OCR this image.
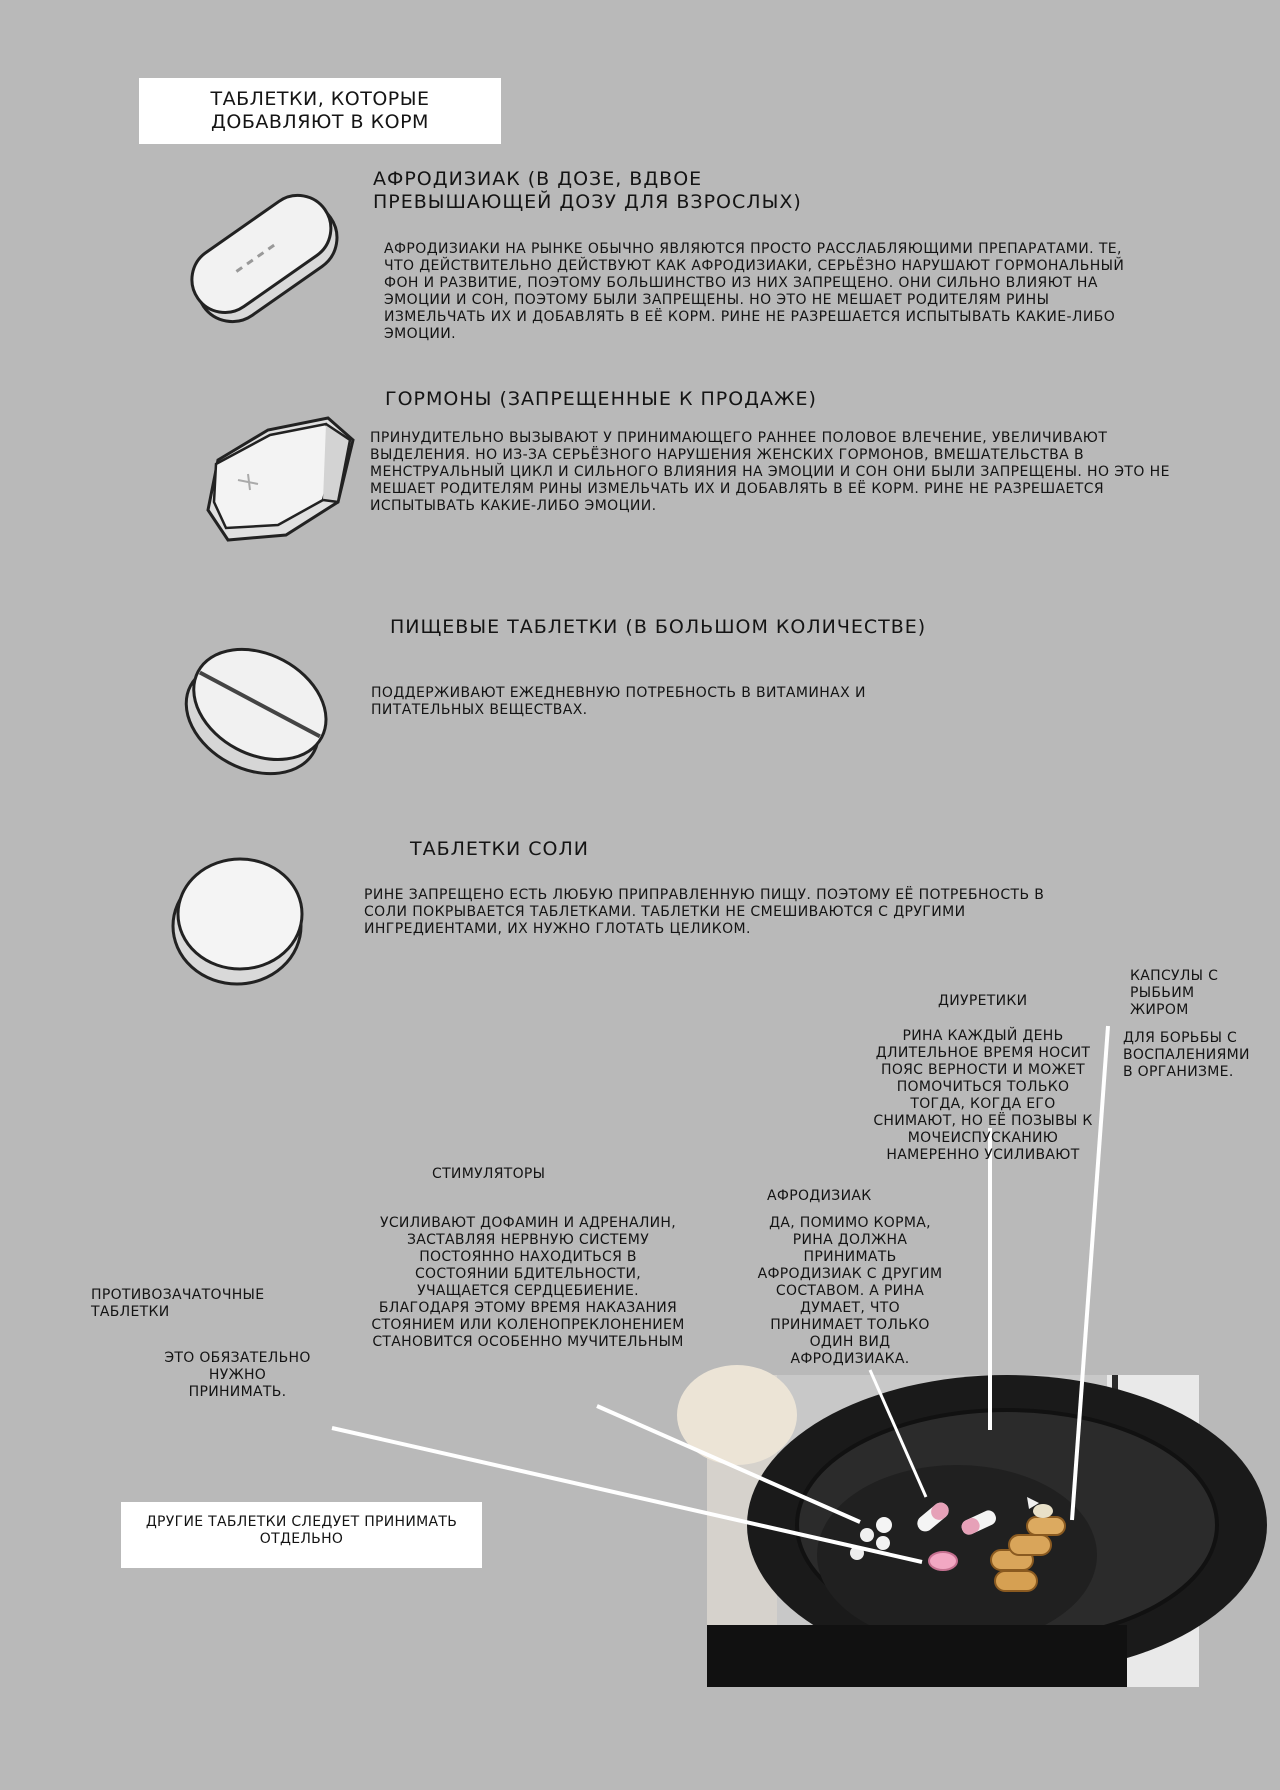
ТАБЛЕТКИ, КОТОРЫЕ
ДОБАВЛЯЮТ В КОРМ
АФРОДИЗИАК (В ДОЗЕ, ВДВОЕ
ПРЕВЫШАЮЩЕЙ ДОЗУ ДЛЯ ВЗРОСЛЫХ)
АФРОДИЗИАКИ НА РЫНКЕ ОБЫЧНО ЯВЛЯЮТСЯ ПРОСТО РАССЛАБЛЯЮЩИМИ ПРЕПАРАТАМИ. ТЕ,
ЧТО ДЕЙСТВИТЕЛЬНО ДЕЙСТВУЮТ КАК АФРОДИЗИАКИ, СЕРЬЁЗНО НАРУШАЮТ ГОРМОНАЛЬНЫЙ
ФОН И РАЗВИТИЕ, ПОЭТОМУ БОЛЬШИНСТВО ИЗ НИХ ЗАПРЕЩЕНО. ОНИ СИЛЬНО ВЛИЯЮТ НА
ЭМОЦИИ И СОН, ПОЭТОМУ БЫЛИ ЗАПРЕЩЕНЫ. НО ЭТО НЕ МЕШАЕТ РОДИТЕЛЯМ РИНЫ
ИЗМЕЛЬЧАТЬ ИХ И ДОБАВЛЯТЬ В ЕЁ КОРМ. РИНЕ НЕ РАЗРЕШАЕТСЯ ИСПЫТЫВАТЬ КАКИЕ-ЛИБО
ЭМОЦИИ.
ГОРМОНЫ (ЗАПРЕЩЕННЫЕ К ПРОДАЖЕ)
ПРИНУДИТЕЛЬНО ВЫЗЫВАЮТ У ПРИНИМАЮЩЕГО РАННЕЕ ПОЛОВОЕ ВЛЕЧЕНИЕ, УВЕЛИЧИВАЮТ
ВЫДЕЛЕНИЯ. НО ИЗ-ЗА СЕРЬЁЗНОГО НАРУШЕНИЯ ЖЕНСКИХ ГОРМОНОВ, ВМЕШАТЕЛЬСТВА В
МЕНСТРУАЛЬНЫЙ ЦИКЛ И СИЛЬНОГО ВЛИЯНИЯ НА ЭМОЦИИ И СОН ОНИ БЫЛИ ЗАПРЕЩЕНЫ. НО ЭТО НЕ
МЕШАЕТ РОДИТЕЛЯМ РИНЫ ИЗМЕЛЬЧАТЬ ИХ И ДОБАВЛЯТЬ В ЕЁ КОРМ. РИНЕ НЕ РАЗРЕШАЕТСЯ
ИСПЫТЫВАТЬ КАКИЕ-ЛИБО ЭМОЦИИ.
ПИЩЕВЫЕ ТАБЛЕТКИ (В БОЛЬШОМ КОЛИЧЕСТВЕ)
ПОДДЕРЖИВАЮТ ЕЖЕДНЕВНУЮ ПОТРЕБНОСТЬ В ВИТАМИНАХ И
ПИТАТЕЛЬНЫХ ВЕЩЕСТВАХ.
ТАБЛЕТКИ СОЛИ
РИНЕ ЗАПРЕЩЕНО ЕСТЬ ЛЮБУЮ ПРИПРАВЛЕННУЮ ПИЩУ. ПОЭТОМУ ЕЁ ПОТРЕБНОСТЬ В
СОЛИ ПОКРЫВАЕТСЯ ТАБЛЕТКАМИ. ТАБЛЕТКИ НЕ СМЕШИВАЮТСЯ С ДРУГИМИ
ИНГРЕДИЕНТАМИ, ИХ НУЖНО ГЛОТАТЬ ЦЕЛИКОМ.
КАПСУЛЫ С
РЫБЬИМ
ЖИРОМ
ДЛЯ БОРЬБЫ С
ВОСПАЛЕНИЯМИ
В ОРГАНИЗМЕ.
ДИУРЕТИКИ
РИНА КАЖДЫЙ ДЕНЬ
ДЛИТЕЛЬНОЕ ВРЕМЯ НОСИТ
ПОЯС ВЕРНОСТИ И МОЖЕТ
ПОМОЧИТЬСЯ ТОЛЬКО
ТОГДА, КОГДА ЕГО
СНИМАЮТ, НО ЕЁ ПОЗЫВЫ К
МОЧЕИСПУСКАНИЮ
НАМЕРЕННО УСИЛИВАЮТ
СТИМУЛЯТОРЫ
УСИЛИВАЮТ ДОФАМИН И АДРЕНАЛИН,
ЗАСТАВЛЯЯ НЕРВНУЮ СИСТЕМУ
ПОСТОЯННО НАХОДИТЬСЯ В
СОСТОЯНИИ БДИТЕЛЬНОСТИ,
УЧАЩАЕТСЯ СЕРДЦЕБИЕНИЕ.
БЛАГОДАРЯ ЭТОМУ ВРЕМЯ НАКАЗАНИЯ
СТОЯНИЕМ ИЛИ КОЛЕНОПРЕКЛОНЕНИЕМ
СТАНОВИТСЯ ОСОБЕННО МУЧИТЕЛЬНЫМ
АФРОДИЗИАК
ДА, ПОМИМО КОРМА,
РИНА ДОЛЖНА
ПРИНИМАТЬ
АФРОДИЗИАК С ДРУГИМ
СОСТАВОМ. А РИНА
ДУМАЕТ, ЧТО
ПРИНИМАЕТ ТОЛЬКО
ОДИН ВИД
АФРОДИЗИАКА.
ПРОТИВОЗАЧАТОЧНЫЕ
ТАБЛЕТКИ
ЭТО ОБЯЗАТЕЛЬНО
НУЖНО
ПРИНИМАТЬ.
ДРУГИЕ ТАБЛЕТКИ СЛЕДУЕТ ПРИНИМАТЬ
ОТДЕЛЬНО
